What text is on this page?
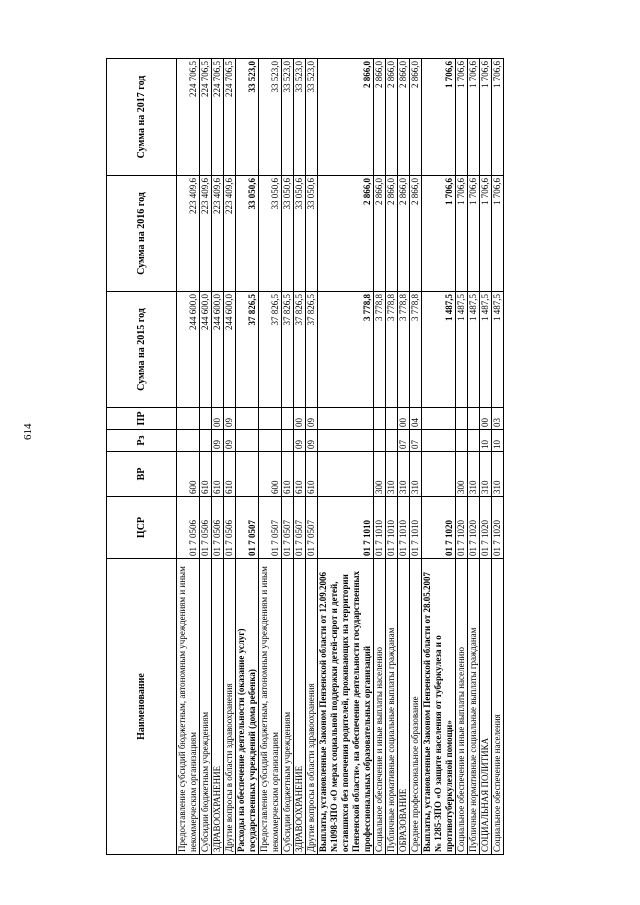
614
Наименование	ЦСР	ВР	Рз	ПР	Сумма на 2015 год	Сумма на 2016 год	Сумма на 2017 год
Предоставление субсидий бюджетным, автономным учреждениям и иным некоммерческим организациям	01 7 0506	600			244 600,0	223 409,6	224 706,5
Субсидии бюджетным учреждениям	01 7 0506	610			244 600,0	223 409,6	224 706,5
ЗДРАВООХРАНЕНИЕ	01 7 0506	610	09	00	244 600,0	223 409,6	224 706,5
Другие вопросы в области здравоохранения	01 7 0506	610	09	09	244 600,0	223 409,6	224 706,5
Расходы на обеспечение деятельности (оказание услуг) государственных учреждений (дома ребенка)	01 7 0507				37 826,5	33 050,6	33 523,0
Предоставление субсидий бюджетным, автономным учреждениям и иным некоммерческим организациям	01 7 0507	600			37 826,5	33 050,6	33 523,0
Субсидии бюджетным учреждениям	01 7 0507	610			37 826,5	33 050,6	33 523,0
ЗДРАВООХРАНЕНИЕ	01 7 0507	610	09	00	37 826,5	33 050,6	33 523,0
Другие вопросы в области здравоохранения	01 7 0507	610	09	09	37 826,5	33 050,6	33 523,0
Выплаты, установленные Законом Пензенской области от 12.09.2006 №1098-ЗПО «О мерах социальной поддержки детей-сирот и детей, оставшихся без попечения родителей, проживающих на территории Пензенской области», на обеспечение деятельности государственных профессиональных образовательных организаций	01 7 1010				3 778,8	2 866,0	2 866,0
Социальное обеспечение и иные выплаты населению	01 7 1010	300			3 778,8	2 866,0	2 866,0
Публичные нормативные социальные выплаты гражданам	01 7 1010	310			3 778,8	2 866,0	2 866,0
ОБРАЗОВАНИЕ	01 7 1010	310	07	00	3 778,8	2 866,0	2 866,0
Среднее профессиональное образование	01 7 1010	310	07	04	3 778,8	2 866,0	2 866,0
Выплаты, установленные Законом Пензенской области от 28.05.2007 № 1285-ЗПО «О защите населения от туберкулеза и о противотуберкулезной помощи»	01 7 1020				1 487,5	1 706,6	1 706,6
Социальное обеспечение и иные выплаты населению	01 7 1020	300			1 487,5	1 706,6	1 706,6
Публичные нормативные социальные выплаты гражданам	01 7 1020	310			1 487,5	1 706,6	1 706,6
СОЦИАЛЬНАЯ ПОЛИТИКА	01 7 1020	310	10	00	1 487,5	1 706,6	1 706,6
Социальное обеспечение населения	01 7 1020	310	10	03	1 487,5	1 706,6	1 706,6
